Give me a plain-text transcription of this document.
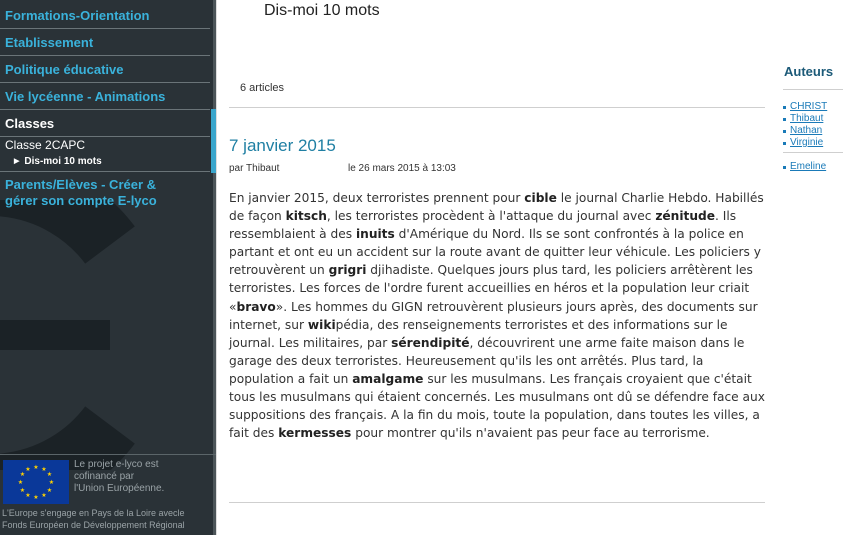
Formations-Orientation
Etablissement
Politique éducative
Vie lycéenne - Animations
Classes
Classe 2CAPC
▶ Dis-moi 10 mots
Parents/Elèves - Créer &
gérer son compte E-lyco
★ ★
★
★
★
★
★
★
★
★
★
★	Le projet e-lyco est
cofinancé par
l'Union Européenne.
L'Europe s'engage en Pays de la Loire avecle
Fonds Européen de Développement Régional
Dis-moi 10 mots
6 articles
7 janvier 2015
par Thibaut	le 26 mars 2015 à 13:03
En janvier 2015, deux terroristes prennent pour cible le journal Charlie Hebdo. Habillés de façon kitsch, les terroristes procèdent à l'attaque du journal avec zénitude. Ils ressemblaient à des inuits d'Amérique du Nord. Ils se sont confrontés à la police en partant et ont eu un accident sur la route avant de quitter leur véhicule. Les policiers y retrouvèrent un grigri djihadiste. Quelques jours plus tard, les policiers arrêtèrent les terroristes. Les forces de l'ordre furent accueillies en héros et la population leur criait «bravo». Les hommes du GIGN retrouvèrent plusieurs jours après, des documents sur internet, sur wikipédia, des renseignements terroristes et des informations sur le journal. Les militaires, par sérendipité, découvrirent une arme faite maison dans le garage des deux terroristes. Heureusement qu'ils les ont arrêtés. Plus tard, la population a fait un amalgame sur les musulmans. Les français croyaient que c'était tous les musulmans qui étaient concernés. Les musulmans ont dû se défendre face aux suppositions des français. A la fin du mois, toute la population, dans toutes les villes, a fait des kermesses pour montrer qu'ils n'avaient pas peur face au terrorisme.
Auteurs
CHRIST
Thibaut
Nathan
Virginie
Emeline
